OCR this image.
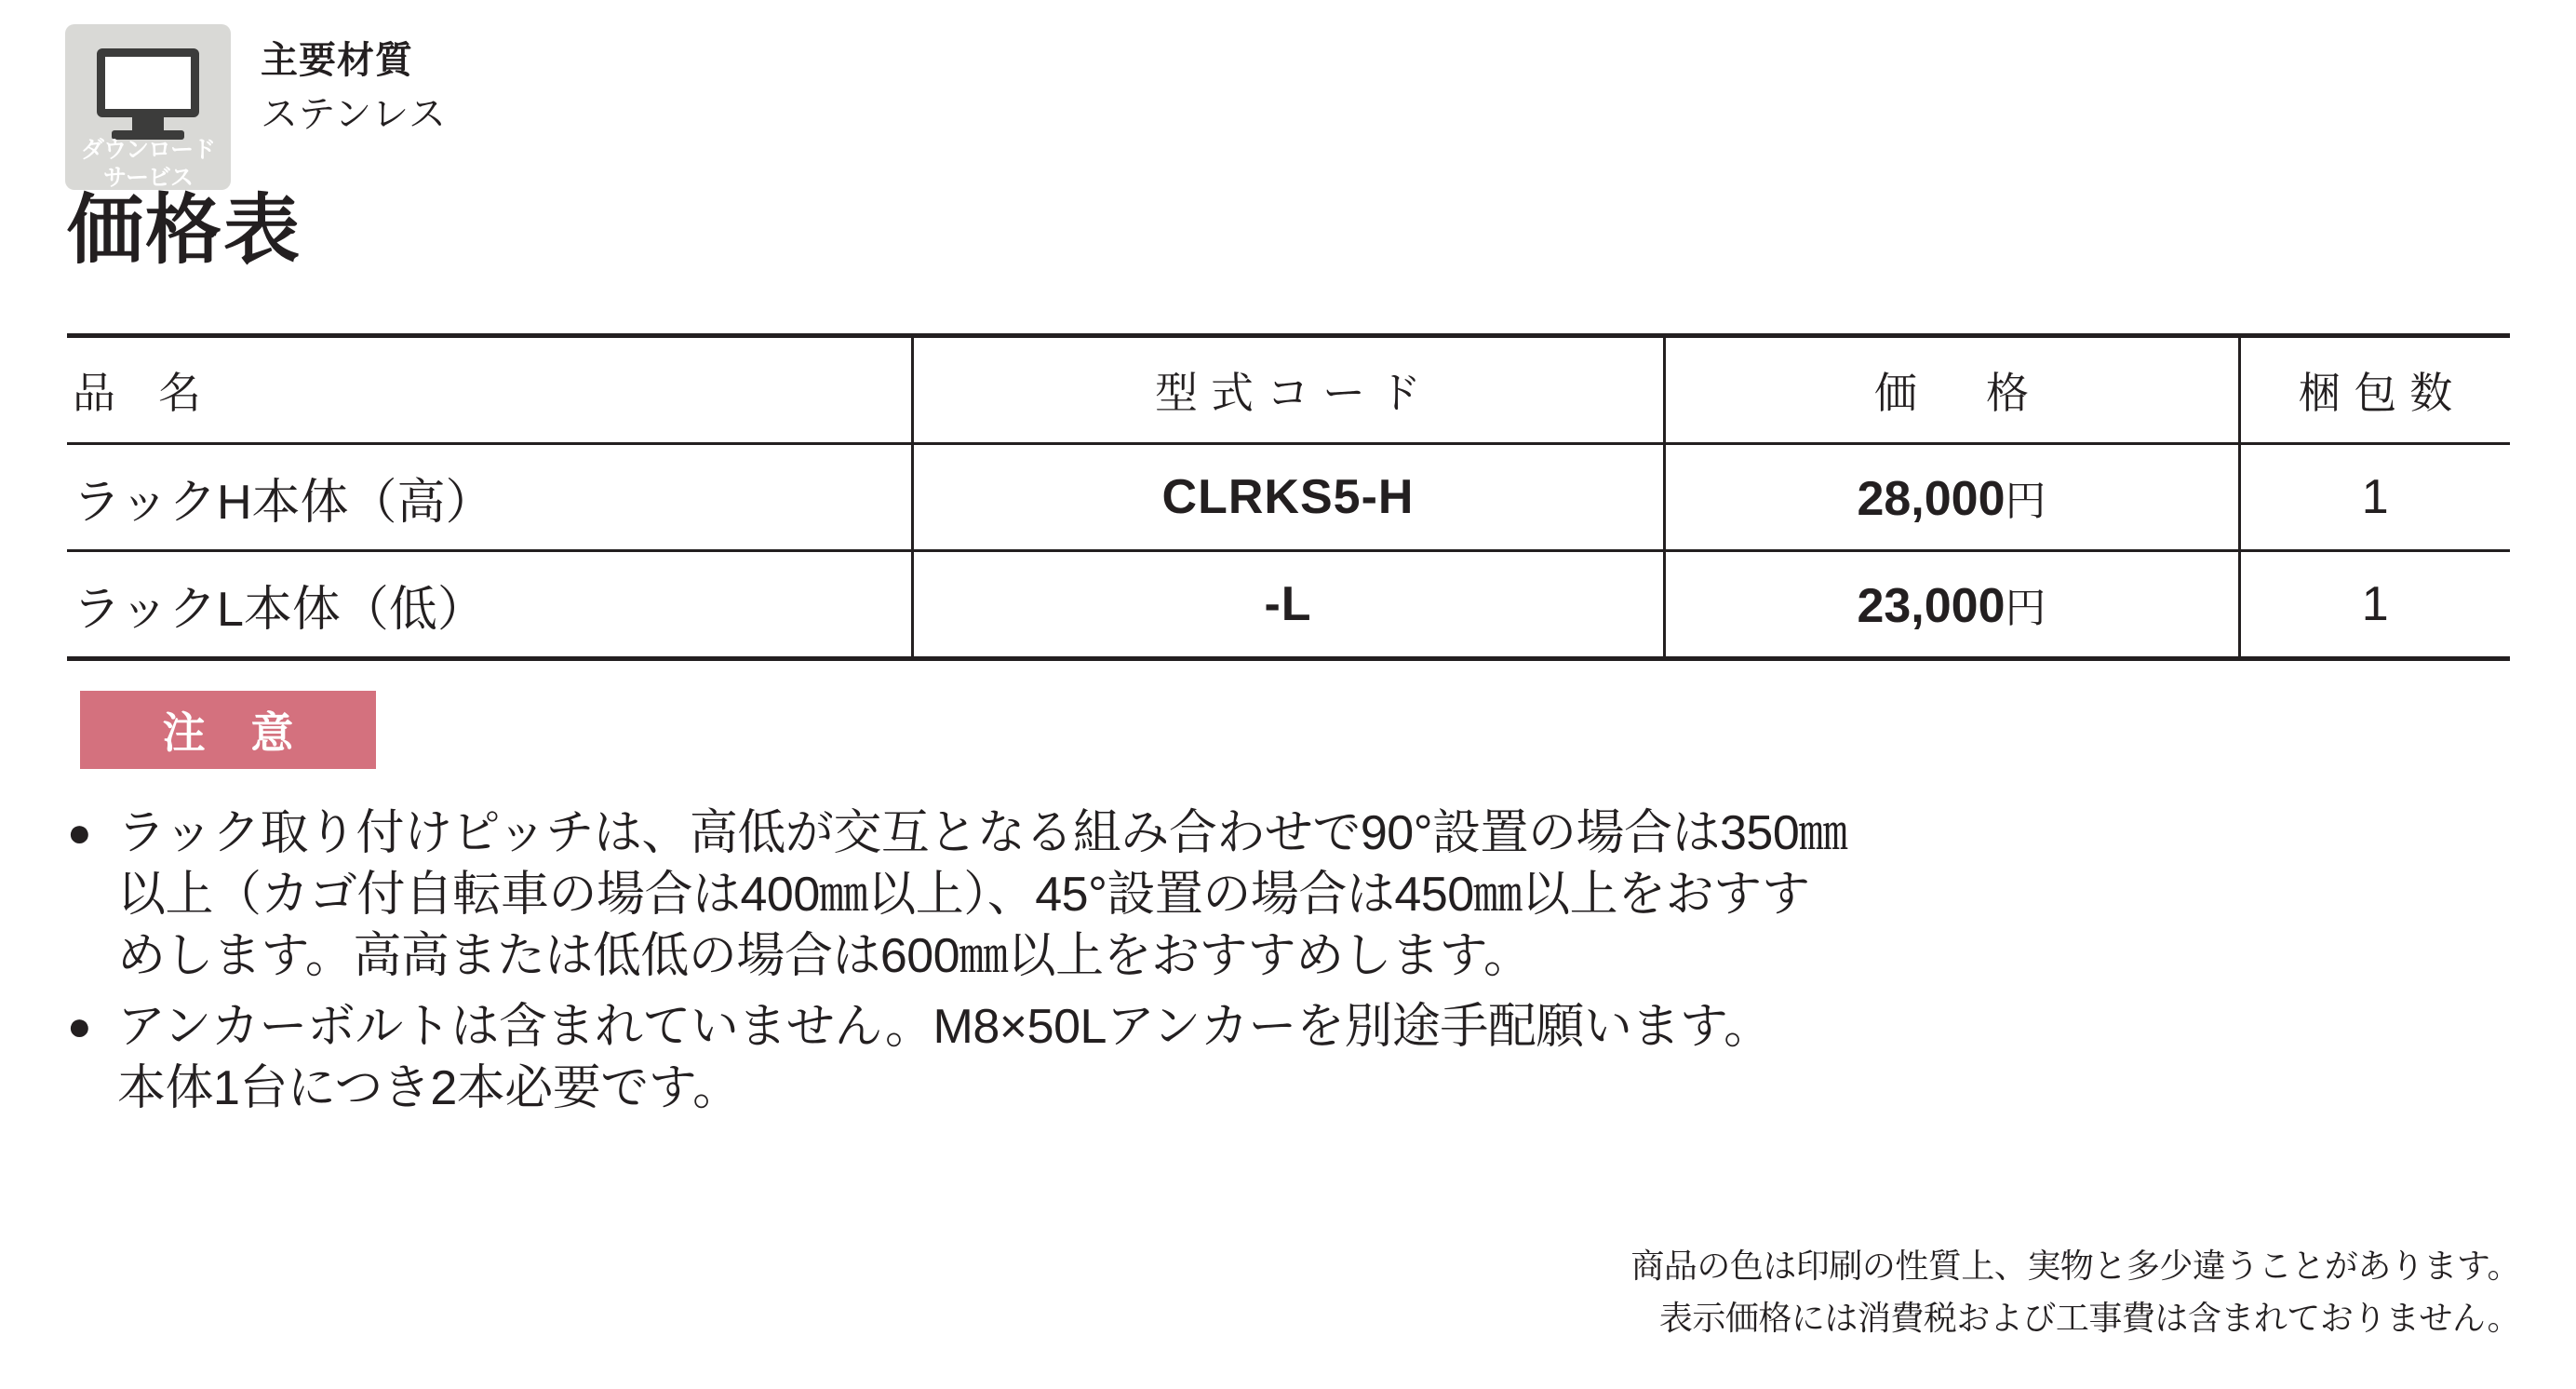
ダウンロード
サービス
主要材質
ステンレス
価格表
品　名	型式コード	価　格	梱包数
ラックH本体（高）	CLRKS5-H	28,000円	1
ラックL本体（低）	-L	23,000円	1
注 意
● ラック取り付けピッチは、高低が交互となる組み合わせで90°設置の場合は350㎜
以上（カゴ付自転車の場合は400㎜以上）、45°設置の場合は450㎜以上をおすす
めします。高高または低低の場合は600㎜以上をおすすめします。
● アンカーボルトは含まれていません。M8×50Lアンカーを別途手配願います。
本体1台につき2本必要です。
商品の色は印刷の性質上、実物と多少違うことがあります。
表示価格には消費税および工事費は含まれておりません。
